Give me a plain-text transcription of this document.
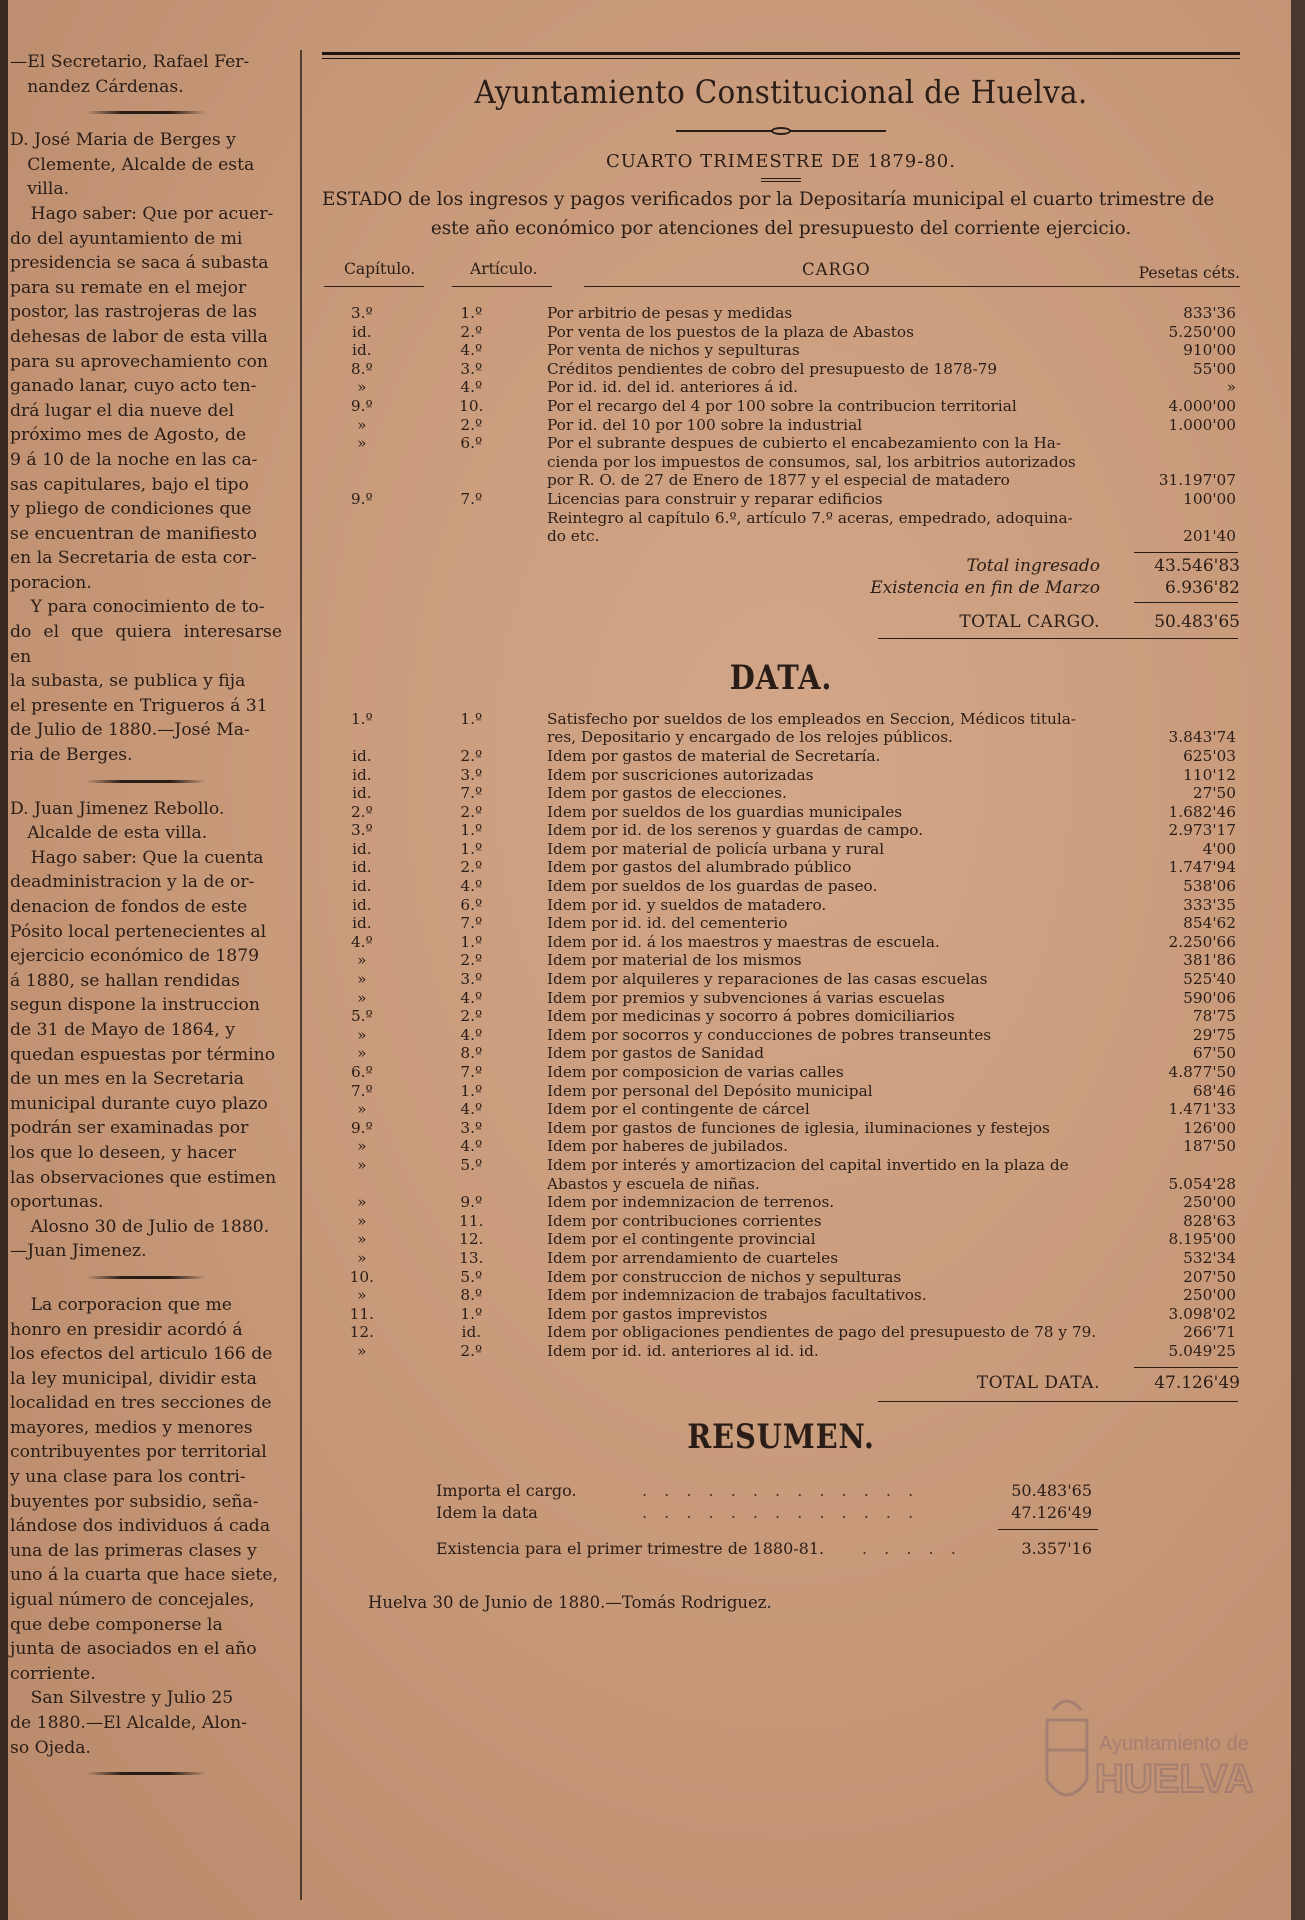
—El Secretario, Rafael Fer-

nandez Cárdenas.

D. José Maria de Berges y

Clemente, Alcalde de esta

villa.

Hago saber: Que por acuer-

do del ayuntamiento de mi

presidencia se saca á subasta

para su remate en el mejor

postor, las rastrojeras de las

dehesas de labor de esta villa

para su aprovechamiento con

ganado lanar, cuyo acto ten-

drá lugar el dia nueve del

próximo mes de Agosto, de

9 á 10 de la noche en las ca-

sas capitulares, bajo el tipo

y pliego de condiciones que

se encuentran de manifiesto

en la Secretaria de esta cor-

poracion.

Y para conocimiento de to-

do el que quiera interesarse en

la subasta, se publica y fija

el presente en Trigueros á 31

de Julio de 1880.—José Ma-

ria de Berges.

D. Juan Jimenez Rebollo.

Alcalde de esta villa.

Hago saber: Que la cuenta

deadministracion y la de or-

denacion de fondos de este

Pósito local pertenecientes al

ejercicio económico de 1879

á 1880, se hallan rendidas

segun dispone la instruccion

de 31 de Mayo de 1864, y

quedan espuestas por término

de un mes en la Secretaria

municipal durante cuyo plazo

podrán ser examinadas por

los que lo deseen, y hacer

las observaciones que estimen

oportunas.

Alosno 30 de Julio de 1880.

—Juan Jimenez.

La corporacion que me

honro en presidir acordó á

los efectos del articulo 166 de

la ley municipal, dividir esta

localidad en tres secciones de

mayores, medios y menores

contribuyentes por territorial

y una clase para los contri-

buyentes por subsidio, seña-

lándose dos individuos á cada

una de las primeras clases y

uno á la cuarta que hace siete,

igual número de concejales,

que debe componerse la

junta de asociados en el año

corriente.

San Silvestre y Julio 25

de 1880.—El Alcalde, Alon-

so Ojeda.

Ayuntamiento Constitucional de Huelva.
CUARTO TRIMESTRE DE 1879-80.
ESTADO de los ingresos y pagos verificados por la Depositaría municipal el cuarto trimestre de
este año económico por atenciones del presupuesto del corriente ejercicio.
Capítulo.	Artículo.	CARGO	Pesetas céts.
3.º	1.º	Por arbitrio de pesas y medidas	833'36
id.	2.º	Por venta de los puestos de la plaza de Abastos	5.250'00
id.	4.º	Por venta de nichos y sepulturas	910'00
8.º	3.º	Créditos pendientes de cobro del presupuesto de 1878-79	55'00
»	4.º	Por id. id. del id. anteriores á id.	»
9.º	10.	Por el recargo del 4 por 100 sobre la contribucion territorial	4.000'00
»	2.º	Por id. del 10 por 100 sobre la industrial	1.000'00
»	6.º	Por el subrante despues de cubierto el encabezamiento con la Ha-	
		cienda por los impuestos de consumos, sal, los arbitrios autorizados	
		por R. O. de 27 de Enero de 1877 y el especial de matadero	31.197'07
9.º	7.º	Licencias para construir y reparar edificios	100'00
		Reintegro al capítulo 6.º, artículo 7.º aceras, empedrado, adoquina-	
		do etc.	201'40
Total ingresado	43.546'83
Existencia en fin de Marzo	6.936'82
TOTAL CARGO.	50.483'65
DATA.
1.º	1.º	Satisfecho por sueldos de los empleados en Seccion, Médicos titula-	
		res, Depositario y encargado de los relojes públicos.	3.843'74
id.	2.º	Idem por gastos de material de Secretaría.	625'03
id.	3.º	Idem por suscriciones autorizadas	110'12
id.	7.º	Idem por gastos de elecciones.	27'50
2.º	2.º	Idem por sueldos de los guardias municipales	1.682'46
3.º	1.º	Idem por id. de los serenos y guardas de campo.	2.973'17
id.	1.º	Idem por material de policía urbana y rural	4'00
id.	2.º	Idem por gastos del alumbrado público	1.747'94
id.	4.º	Idem por sueldos de los guardas de paseo.	538'06
id.	6.º	Idem por id. y sueldos de matadero.	333'35
id.	7.º	Idem por id. id. del cementerio	854'62
4.º	1.º	Idem por id. á los maestros y maestras de escuela.	2.250'66
»	2.º	Idem por material de los mismos	381'86
»	3.º	Idem por alquileres y reparaciones de las casas escuelas	525'40
»	4.º	Idem por premios y subvenciones á varias escuelas	590'06
5.º	2.º	Idem por medicinas y socorro á pobres domiciliarios	78'75
»	4.º	Idem por socorros y conducciones de pobres transeuntes	29'75
»	8.º	Idem por gastos de Sanidad	67'50
6.º	7.º	Idem por composicion de varias calles	4.877'50
7.º	1.º	Idem por personal del Depósito municipal	68'46
»	4.º	Idem por el contingente de cárcel	1.471'33
9.º	3.º	Idem por gastos de funciones de iglesia, iluminaciones y festejos	126'00
»	4.º	Idem por haberes de jubilados.	187'50
»	5.º	Idem por interés y amortizacion del capital invertido en la plaza de	
		Abastos y escuela de niñas.	5.054'28
»	9.º	Idem por indemnizacion de terrenos.	250'00
»	11.	Idem por contribuciones corrientes	828'63
»	12.	Idem por el contingente provincial	8.195'00
»	13.	Idem por arrendamiento de cuarteles	532'34
10.	5.º	Idem por construccion de nichos y sepulturas	207'50
»	8.º	Idem por indemnizacion de trabajos facultativos.	250'00
11.	1.º	Idem por gastos imprevistos	3.098'02
12.	id.	Idem por obligaciones pendientes de pago del presupuesto de 78 y 79.	266'71
»	2.º	Idem por id. id. anteriores al id. id.	5.049'25
TOTAL DATA.	47.126'49
RESUMEN.
Importa el cargo.	. . . . . . . . . . . . .	50.483'65
Idem la data	. . . . . . . . . . . . .	47.126'49
Existencia para el primer trimestre de 1880-81. . . . . .	3.357'16
Huelva 30 de Junio de 1880.—Tomás Rodriguez.
Ayuntamiento de
HUELVA
